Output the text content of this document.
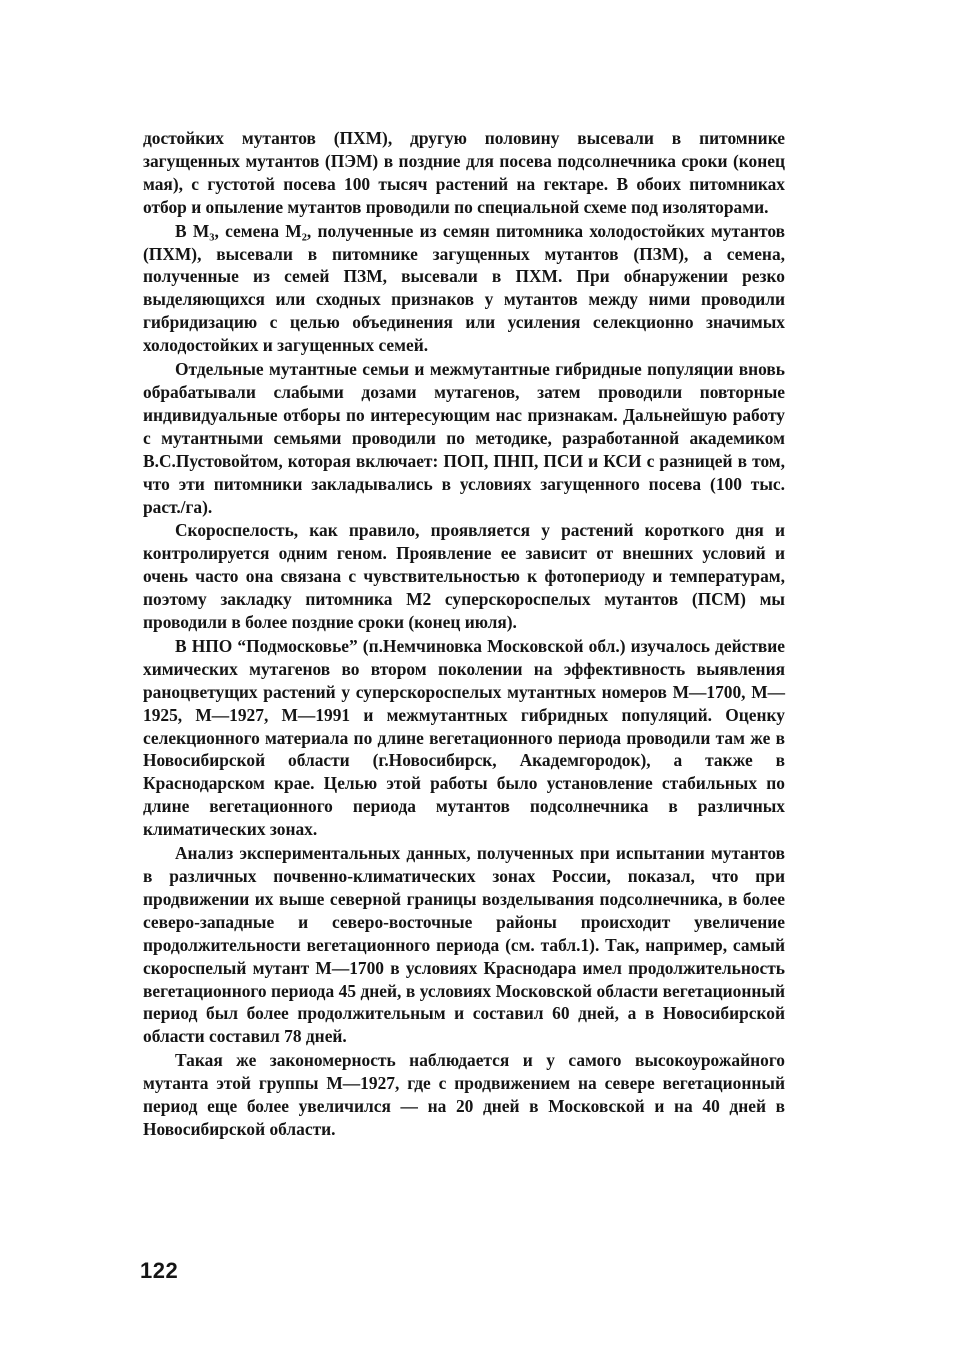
достойких мутантов (ПХМ), другую половину высевали в питомнике загущенных мутантов (ПЭМ) в поздние для посева подсолнечника сроки (конец мая), с густотой посева 100 тысяч растений на гектаре. В обоих питомниках отбор и опыление мутантов проводили по специальной схеме под изоляторами.

В M₃, семена M₂, полученные из семян питомника холодостойких мутантов (ПХМ), высевали в питомнике загущенных мутантов (ПЗМ), а семена, полученные из семей ПЗМ, высевали в ПХМ. При обнаружении резко выделяющихся или сходных признаков у мутантов между ними проводили гибридизацию с целью объединения или усиления селекционно значимых холодостойких и загущенных семей.

Отдельные мутантные семьи и межмутантные гибридные популяции вновь обрабатывали слабыми дозами мутагенов, затем проводили повторные индивидуальные отборы по интересующим нас признакам. Дальнейшую работу с мутантными семьями проводили по методике, разработанной академиком В.С.Пустовойтом, которая включает: ПОП, ПНП, ПСИ и КСИ с разницей в том, что эти питомники закладывались в условиях загущенного посева (100 тыс. раст./га).

Скороспелость, как правило, проявляется у растений короткого дня и контролируется одним геном. Проявление ее зависит от внешних условий и очень часто она связана с чувствительностью к фотопериоду и температурам, поэтому закладку питомника М2 суперскороспелых мутантов (ПСМ) мы проводили в более поздние сроки (конец июля).

В НПО “Подмосковье” (п.Немчиновка Московской обл.) изучалось действие химических мутагенов во втором поколении на эффективность выявления раноцветущих растений у суперскороспелых мутантных номеров М—1700, М—1925, М—1927, М—1991 и межмутантных гибридных популяций. Оценку селекционного материала по длине вегетационного периода проводили там же в Новосибирской области (г.Новосибирск, Академгородок), а также в Краснодарском крае. Целью этой работы было установление стабильных по длине вегетационного периода мутантов подсолнечника в различных климатических зонах.

Анализ экспериментальных данных, полученных при испытании мутантов в различных почвенно-климатических зонах России, показал, что при продвижении их выше северной границы возделывания подсолнечника, в более северо-западные и северо-восточные районы происходит увеличение продолжительности вегетационного периода (см. табл.1). Так, например, самый скороспелый мутант М—1700 в условиях Краснодара имел продолжительность вегетационного периода 45 дней, в условиях Московской области вегетационный период был более продолжительным и составил 60 дней, а в Новосибирской области составил 78 дней.

Такая же закономерность наблюдается и у самого высокоурожайного мутанта этой группы М—1927, где с продвижением на севере вегетационный период еще более увеличился — на 20 дней в Московской и на 40 дней в Новосибирской области.

122
